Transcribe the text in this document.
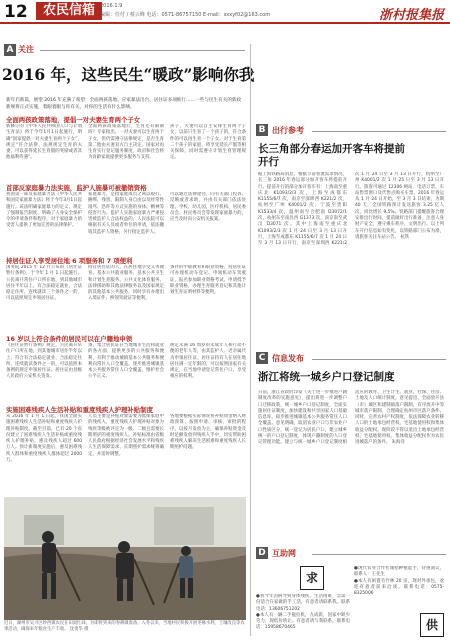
12	农民信箱 2016.1.9
编辑：任付 / 蔡云峰 电话：0571-86757150 E-mail：sxxyf02@163.com	浙村报集报
A 关注
2016 年，这些民生“暖政”影响你我
新年启新篇，展望 2016 年充满了希望：全面两孩落地、应家暴法出台、居住证多项推行……一些与民生有关的新政新规将正式实施，着眼着眼与你有关，对你的生活有什么影响。
全面两孩政策落地，提倡一对夫妻生育两个子女
新修订的《中华人民共和国人口与计划生育法》将于今年1月1日起施行，明确“国家提倡一对夫妻生育两个子女”，规定“符合法律、法规规定生育的夫妻，可以获得延长生育假的奖励或者其他福利待遇”。
全面两孩政策落地后，生育还有限制吗？专家指出，一对夫妻可以生育两个子女，但仍需遵守法律规定，是否生育第二胎由夫妻双方自主决定。国家对再生育实行登记服务制度，政府和社会将为育龄家庭提供更多服务与支持。
孩子，夫妻可以自主安排生育两个子女，以前只生育了一个孩子的，符合条件的可以再生育一个子女。对于生育第二个孩子的家庭，将享受延长产假等相关保障，同时需遵守计划生育管理规定。
首部反家庭暴力法实施，监护人施暴可被撤销资格
我国第一部反家庭暴力法《中华人民共和国反家庭暴力法》将于今年3月1日起施行。该法明确家庭暴力的定义，规定了强制报告制度，明确了人身安全保护令的申请条件和程序，对于家庭暴力的受害人提供了更加完善的法律保护。
家庭暴力，是指家庭成员之间以殴打、捆绑、残害、限制人身自由以及经常性谩骂、恐吓等方式实施的身体、精神等侵害行为。监护人实施家庭暴力严重侵害被监护人合法权益的，人民法院可以根据有关人员或者单位的申请，依法撤销其监护人资格，另行指定监护人。
可以通过法律途径，向有关部门投诉、反映或者求助，并由有关部门依法处理。学校、幼儿园、医疗机构、居民委员会、村民委员会等发现家庭暴力的，应当及时向公安机关报案。
持居住证人享受居住地 6 项服务和 7 项便利
国务院 2015 年 12 月公布的《居住证暂行条例》，于今年 1 月 1 日起施行。公民离开常住户口所在地，到其他城市居住半年以上，有合法稳定就业、合法稳定住所、连续就读三个条件之一的，可以依照规定申领居住证。
持有居住证的人，在居住地享受义务教育、基本公共就业服务、基本公共卫生和计划生育服务、公共文化体育服务、法律援助和其他法律服务以及国家规定的其他基本公共服务，同时享有办理出入境证件、换领驾驶证等便利。
条件的中职教育和职业资格，持居住证可办理机动车登记、申领机动车驾驶证，报名参加职业资格考试、申请授予职业资格，办理生育服务登记和其他计划生育证明材料等便利。
16 岁以上符合条件的居民可以在户籍地申领
《居住证暂行条例》规定，公民离开常住户口所在地，到其他城市居住半年以上，符合有合法稳定就业、合法稳定住所、连续就读条件之一的，可以依照本条例的规定申领居住证。居住证由县级人民政府公安机关签发。
条，集合居民证在当地城市生活和就业的各方面，提供更多的公共服务和便利，有利于推动城镇基本公共服务和便利向常住人口全覆盖，逐步推进城镇基本公共服务常住人口全覆盖，维护社会公平正义。
规定未满 16 周岁的未成年人和行动不便的老年人等，由其监护人、近亲属代为申领居住证。居住证持有人在居住地居住满一定年限的，可以按照国家有关规定，在当地申请登记常住户口，享受相应的权利。
实施困难残疾人生活补贴和重度残疾人护理补贴制度
从 2016 年 1 月 1 日起，我国全面实施困难残疾人生活补贴和重度残疾人护理补贴制度。截至目前，已有 20 个省份建立了困难残疾人生活补贴或重度残疾人护理补贴，惠及残疾人超过 600 万人。预计新制度实施后，惠及困难残疾人群体和重度残疾人群体超过 2000 万。
人员主要是补贴对象需要为低保家庭中的残疾人，重度残疾人护理补贴对象为残疾等级被评定为一级、二级且需要长期照护的重度残疾人。补贴标准由省级人民政府根据经济社会发展水平和残疾人生活保障需求、长期照护需求统筹确定，并适时调整。
各地要根据实际情况将补贴资金纳入财政预算，按照申请、审核、审批的程序，以按月发放为主，确保补贴资金及时足额发放到残疾人手中，切实帮助困难残疾人解决生活困难和重度残疾人长期照护问题。
近日，湖州市吴兴区妙西镇农民在田间忙碌，为即将到来的春耕做准备。入冬以来，当地村民积极开展冬修水利、土壤改良等农事活动，确保来年粮食生产丰收。 沈勇华 摄
B 出行参考
长三角部分春运加开客车将提前开行
据上海铁路局消息，根据节前客流需求情况，长三角 2016 年春运部分加开客车将提前开行。提前开行的部分加开客车有：上海南至重庆北 K1093/2/3 次，上海至成都东 K1155/6/7 次，南京至深圳西 K221/2 次，杭州至广州 K4001/2 次，宁波至贵阳 K1533/4 次，温州南至合肥南 D3072/1 次，杭州东至南昌西 G1373 次，南京南至武汉 D3071 次。其中上海南至重庆北 K1093/2/3 次 1 月 24 日至 3 月 13 日开行，上海至成都东 K1155/6/7 次 1 月 24 日至 3 月 13 日开行，南京至深圳西 K221/2 次 1 月 24 日至 3 月 13 日开行，杭州至广州 K4001/2 次 1 月 25 日至 3 月 13 日开行。旅客可通过 12306 网站、电话订票、车站售票窗口及代售点购买车票。2016 年春运从 1 月 24 日开始，至 3 月 3 日结束，为期 40 天。全国铁路预计发送旅客 3.25 亿人次，同比增长 9.5%。铁路部门提醒旅客合理安排出行时间，提前做好出行准备，注意人身财产安全，遵守乘车秩序，文明出行。以上列车开行信息如有变化，以铁路部门公布为准，请旅客关注车站公告。 杭铁
C 信息发布
浙江将统一城乡户口登记制度
日前，浙江省政府印发《关于进一步推进户籍制度改革的实施意见》，提出将进一步调整户口迁移政策，统一城乡户口登记制度，全面实施居住证制度，加快建设和共享国家人口基础信息库，稳步推进城镇基本公共服务常住人口全覆盖。意见明确，取消农业户口与非农业户口性质区分，统一登记为居民户口，建立城乡统一的户口登记制度，体现户籍制度的人口登记管理功能。建立与统一城乡户口登记制度相适应的教育、卫生计生、就业、社保、住房、土地及人口统计制度。意见提出，全面放开县（市）城区和建制镇落户限制，有序放开中等城市落户限制，合理确定杭州市区落户条件。同时，完善农村产权制度，依法保障农业转移人口的土地承包经营权、宅基地使用权和集体收益分配权，现阶段不得以退出土地承包经营权、宅基地使用权、集体收益分配权作为农民进城落户的条件。 朱海洋
D 互助网
求
●我今年因病导致身体残疾，生活困难，急需一份适合在家做的手工活，有意者请联系我。联系电话：13606751202
●本人有一辆二手拖拉机，九成新，因家中缺少劳力，现低价转让。有意者请与我联系。联系电话：15958670465
●现代农业合作社诚招种植能手，待遇面议，联系人：王先生
●本人有闲置毛竹林 20 亩，现对外承包，欢迎有意者前来洽谈。联系电话：0575-8325006
供
